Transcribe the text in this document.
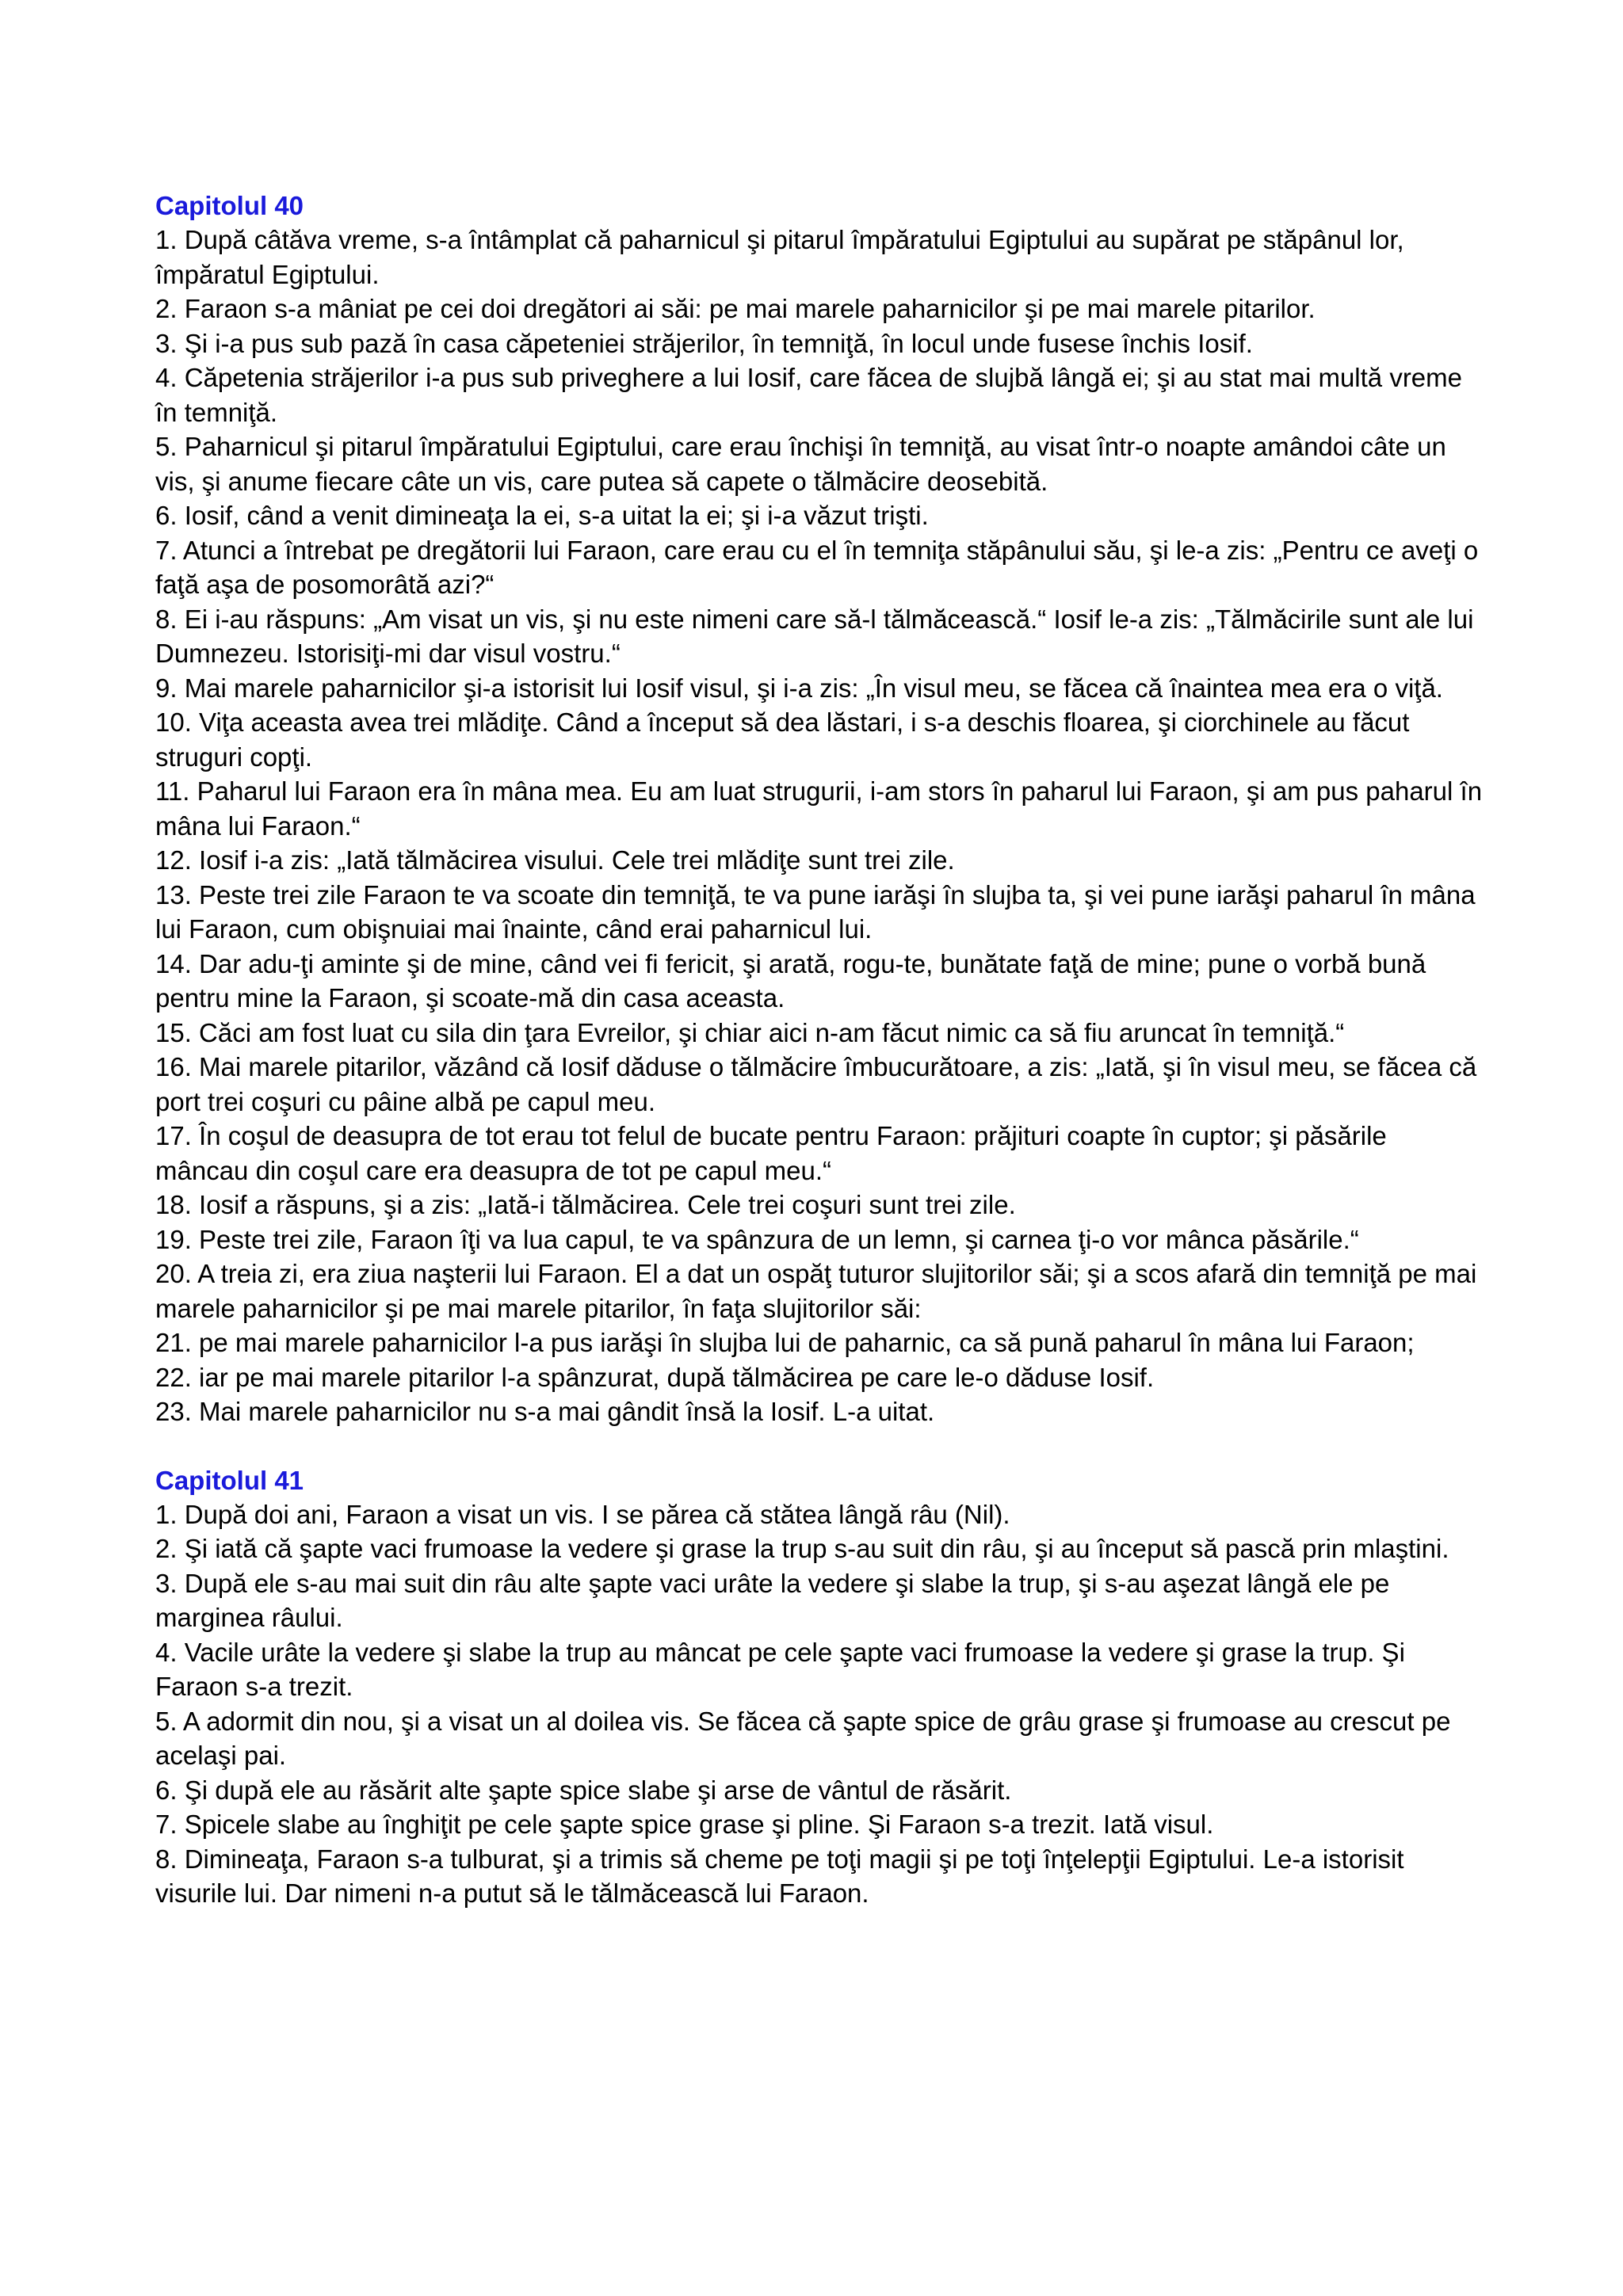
Capitolul 40

1. După câtăva vreme, s-a întâmplat că paharnicul şi pitarul împăratului Egiptului au supărat pe stăpânul lor, împăratul Egiptului.

2. Faraon s-a mâniat pe cei doi dregători ai săi: pe mai marele paharnicilor şi pe mai marele pitarilor.

3. Şi i-a pus sub pază în casa căpeteniei străjerilor, în temniţă, în locul unde fusese închis Iosif.

4. Căpetenia străjerilor i-a pus sub priveghere a lui Iosif, care făcea de slujbă lângă ei; şi au stat mai multă vreme în temniţă.

5. Paharnicul şi pitarul împăratului Egiptului, care erau închişi în temniţă, au visat într-o noapte amândoi câte un vis, şi anume fiecare câte un vis, care putea să capete o tălmăcire deosebită.

6. Iosif, când a venit dimineaţa la ei, s-a uitat la ei; şi i-a văzut trişti.

7. Atunci a întrebat pe dregătorii lui Faraon, care erau cu el în temniţa stăpânului său, şi le-a zis: „Pentru ce aveţi o faţă aşa de posomorâtă azi?“

8. Ei i-au răspuns: „Am visat un vis, şi nu este nimeni care să-l tălmăcească.“ Iosif le-a zis: „Tălmăcirile sunt ale lui Dumnezeu. Istorisiţi-mi dar visul vostru.“

9. Mai marele paharnicilor şi-a istorisit lui Iosif visul, şi i-a zis: „În visul meu, se făcea că înaintea mea era o viţă.

10. Viţa aceasta avea trei mlădiţe. Când a început să dea lăstari, i s-a deschis floarea, şi ciorchinele au făcut struguri copţi.

11. Paharul lui Faraon era în mâna mea. Eu am luat strugurii, i-am stors în paharul lui Faraon, şi am pus paharul în mâna lui Faraon.“

12. Iosif i-a zis: „Iată tălmăcirea visului. Cele trei mlădiţe sunt trei zile.

13. Peste trei zile Faraon te va scoate din temniţă, te va pune iarăşi în slujba ta, şi vei pune iarăşi paharul în mâna lui Faraon, cum obişnuiai mai înainte, când erai paharnicul lui.

14. Dar adu-ţi aminte şi de mine, când vei fi fericit, şi arată, rogu-te, bunătate faţă de mine; pune o vorbă bună pentru mine la Faraon, şi scoate-mă din casa aceasta.

15. Căci am fost luat cu sila din ţara Evreilor, şi chiar aici n-am făcut nimic ca să fiu aruncat în temniţă.“

16. Mai marele pitarilor, văzând că Iosif dăduse o tălmăcire îmbucurătoare, a zis: „Iată, şi în visul meu, se făcea că port trei coşuri cu pâine albă pe capul meu.

17. În coşul de deasupra de tot erau tot felul de bucate pentru Faraon: prăjituri coapte în cuptor; şi păsările mâncau din coşul care era deasupra de tot pe capul meu.“

18. Iosif a răspuns, şi a zis: „Iată-i tălmăcirea. Cele trei coşuri sunt trei zile.

19. Peste trei zile, Faraon îţi va lua capul, te va spânzura de un lemn, şi carnea ţi-o vor mânca păsările.“

20. A treia zi, era ziua naşterii lui Faraon. El a dat un ospăţ tuturor slujitorilor săi; şi a scos afară din temniţă pe mai marele paharnicilor şi pe mai marele pitarilor, în faţa slujitorilor săi:

21. pe mai marele paharnicilor l-a pus iarăşi în slujba lui de paharnic, ca să pună paharul în mâna lui Faraon;

22. iar pe mai marele pitarilor l-a spânzurat, după tălmăcirea pe care le-o dăduse Iosif.

23. Mai marele paharnicilor nu s-a mai gândit însă la Iosif. L-a uitat.

Capitolul 41

1. După doi ani, Faraon a visat un vis. I se părea că stătea lângă râu (Nil).

2. Şi iată că şapte vaci frumoase la vedere şi grase la trup s-au suit din râu, şi au început să pască prin mlaştini.

3. După ele s-au mai suit din râu alte şapte vaci urâte la vedere şi slabe la trup, şi s-au aşezat lângă ele pe marginea râului.

4. Vacile urâte la vedere şi slabe la trup au mâncat pe cele şapte vaci frumoase la vedere şi grase la trup. Şi Faraon s-a trezit.

5. A adormit din nou, şi a visat un al doilea vis. Se făcea că şapte spice de grâu grase şi frumoase au crescut pe acelaşi pai.

6. Şi după ele au răsărit alte şapte spice slabe şi arse de vântul de răsărit.

7. Spicele slabe au înghiţit pe cele şapte spice grase şi pline. Şi Faraon s-a trezit. Iată visul.

8. Dimineaţa, Faraon s-a tulburat, şi a trimis să cheme pe toţi magii şi pe toţi înţelepţii Egiptului. Le-a istorisit visurile lui. Dar nimeni n-a putut să le tălmăcească lui Faraon.
